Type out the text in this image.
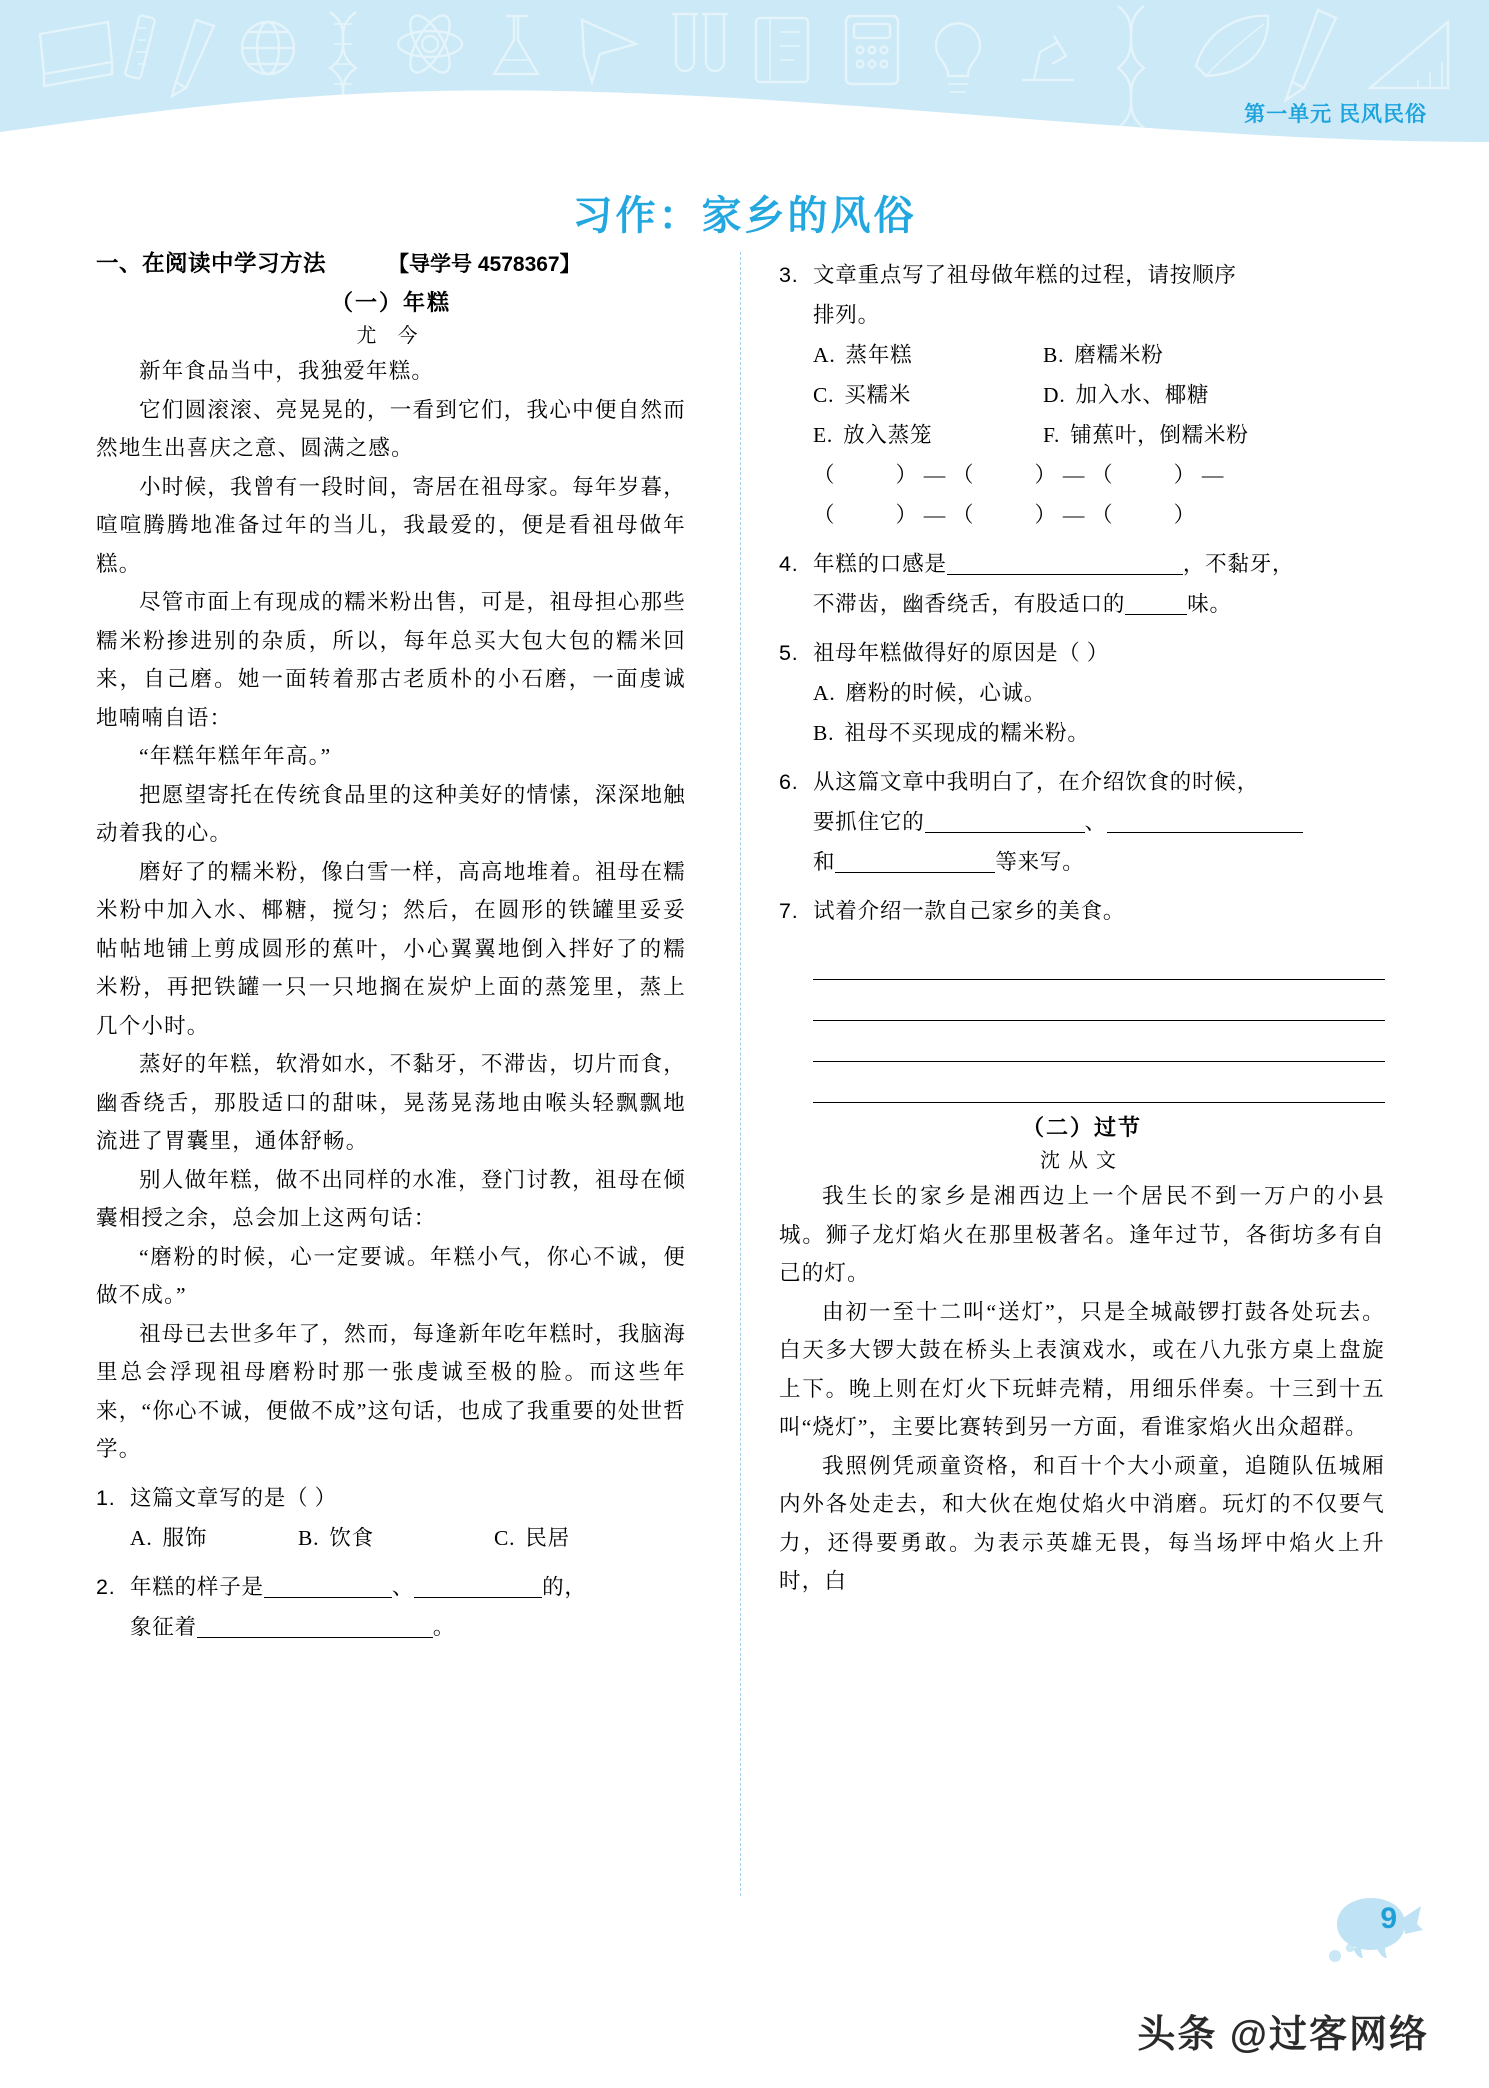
第一单元 民风民俗
习作：家乡的风俗
一、在阅读中学习方法	【导学号 4578367】
（一）年糕
尤 今

新年食品当中，我独爱年糕。

它们圆滚滚、亮晃晃的，一看到它们，我心中便自然而然地生出喜庆之意、圆满之感。

小时候，我曾有一段时间，寄居在祖母家。每年岁暮，喧喧腾腾地准备过年的当儿，我最爱的，便是看祖母做年糕。

尽管市面上有现成的糯米粉出售，可是，祖母担心那些糯米粉掺进别的杂质，所以，每年总买大包大包的糯米回来，自己磨。她一面转着那古老质朴的小石磨，一面虔诚地喃喃自语：

“年糕年糕年年高。”

把愿望寄托在传统食品里的这种美好的情愫，深深地触动着我的心。

磨好了的糯米粉，像白雪一样，高高地堆着。祖母在糯米粉中加入水、椰糖，搅匀；然后，在圆形的铁罐里妥妥帖帖地铺上剪成圆形的蕉叶，小心翼翼地倒入拌好了的糯米粉，再把铁罐一只一只地搁在炭炉上面的蒸笼里，蒸上几个小时。

蒸好的年糕，软滑如水，不黏牙，不滞齿，切片而食，幽香绕舌，那股适口的甜味，晃荡晃荡地由喉头轻飘飘地流进了胃囊里，通体舒畅。

别人做年糕，做不出同样的水准，登门讨教，祖母在倾囊相授之余，总会加上这两句话：

“磨粉的时候，心一定要诚。年糕小气，你心不诚，便做不成。”

祖母已去世多年了，然而，每逢新年吃年糕时，我脑海里总会浮现祖母磨粉时那一张虔诚至极的脸。而这些年来，“你心不诚，便做不成”这句话，也成了我重要的处世哲学。

1. 这篇文章写的是（ ）
A. 服饰	B. 饮食	C. 民居
2. 年糕的样子是	、	的，
象征着	。
3. 文章重点写了祖母做年糕的过程，请按顺序
排列。
A. 蒸年糕	B. 磨糯米粉
C. 买糯米	D. 加入水、椰糖
E. 放入蒸笼	F. 铺蕉叶，倒糯米粉
（	） — （	） — （	） —
（	） — （	） — （	）
4. 年糕的口感是	，不黏牙，
不滞齿，幽香绕舌，有股适口的	味。
5. 祖母年糕做得好的原因是（ ）
A. 磨粉的时候，心诚。
B. 祖母不买现成的糯米粉。
6. 从这篇文章中我明白了，在介绍饮食的时候，
要抓住它的	、
和	等来写。
7. 试着介绍一款自己家乡的美食。
（二）过节
沈从文

我生长的家乡是湘西边上一个居民不到一万户的小县城。狮子龙灯焰火在那里极著名。逢年过节，各街坊多有自己的灯。

由初一至十二叫“送灯”，只是全城敲锣打鼓各处玩去。白天多大锣大鼓在桥头上表演戏水，或在八九张方桌上盘旋上下。晚上则在灯火下玩蚌壳精，用细乐伴奏。十三到十五叫“烧灯”，主要比赛转到另一方面，看谁家焰火出众超群。

我照例凭顽童资格，和百十个大小顽童，追随队伍城厢内外各处走去，和大伙在炮仗焰火中消磨。玩灯的不仅要气力，还得要勇敢。为表示英雄无畏，每当场坪中焰火上升时，白

9
头条 @过客网络
